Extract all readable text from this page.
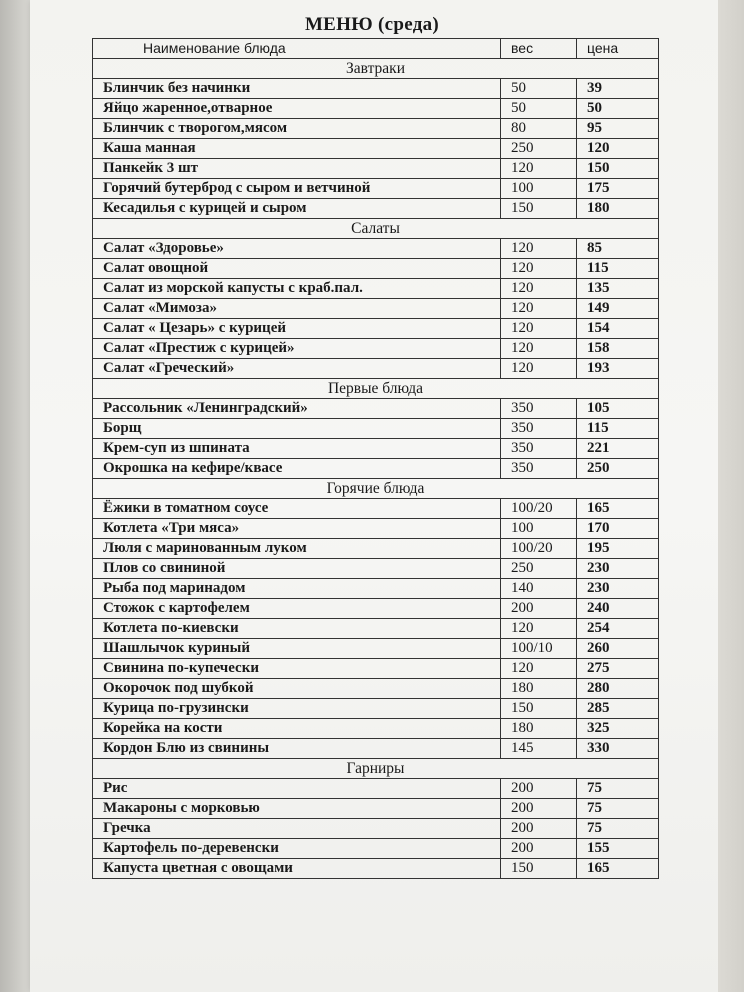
МЕНЮ (среда)
Наименование блюда	вес	цена
Завтраки		
Блинчик без начинки	50	39
Яйцо жаренное,отварное	50	50
Блинчик с творогом,мясом	80	95
Каша манная	250	120
Панкейк 3 шт	120	150
Горячий бутерброд с сыром и ветчиной	100	175
Кесадилья с курицей и сыром	150	180
Салаты		
Салат «Здоровье»	120	85
Салат овощной	120	115
Салат из морской капусты с краб.пал.	120	135
Салат «Мимоза»	120	149
Салат « Цезарь» с курицей	120	154
Салат «Престиж с курицей»	120	158
Салат «Греческий»	120	193
Первые блюда		
Рассольник «Ленинградский»	350	105
Борщ	350	115
Крем-суп из шпината	350	221
Окрошка на кефире/квасе	350	250
Горячие блюда		
Ёжики в томатном соусе	100/20	165
Котлета «Три мяса»	100	170
Люля с маринованным луком	100/20	195
Плов со свининой	250	230
Рыба под маринадом	140	230
Стожок с картофелем	200	240
Котлета по-киевски	120	254
Шашлычок куриный	100/10	260
Свинина по-купечески	120	275
Окорочок под шубкой	180	280
Курица по-грузински	150	285
Корейка на кости	180	325
Кордон Блю из свинины	145	330
Гарниры		
Рис	200	75
Макароны с морковью	200	75
Гречка	200	75
Картофель по-деревенски	200	155
Капуста цветная с овощами	150	165
